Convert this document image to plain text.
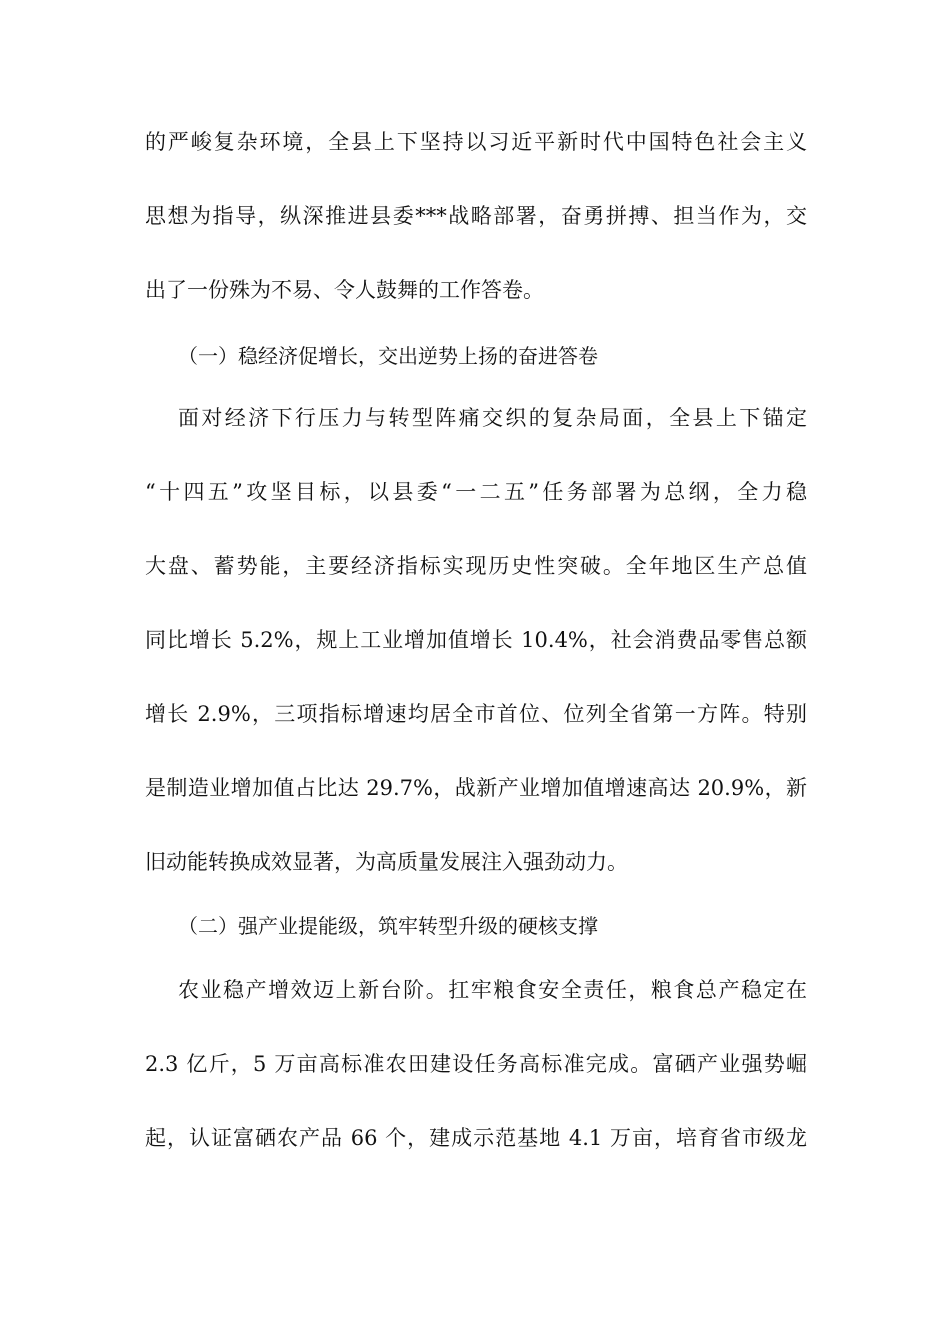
的严峻复杂环境，全县上下坚持以习近平新时代中国特色社会主义
思想为指导，纵深推进县委***战略部署，奋勇拼搏、担当作为，交
出了一份殊为不易、令人鼓舞的工作答卷。
（一）稳经济促增长，交出逆势上扬的奋进答卷
面对经济下行压力与转型阵痛交织的复杂局面，全县上下锚定
“十四五”攻坚目标，以县委“一二五”任务部署为总纲，全力稳
大盘、蓄势能，主要经济指标实现历史性突破。全年地区生产总值
同比增长 5.2%，规上工业增加值增长 10.4%，社会消费品零售总额
增长 2.9%，三项指标增速均居全市首位、位列全省第一方阵。特别
是制造业增加值占比达 29.7%，战新产业增加值增速高达 20.9%，新
旧动能转换成效显著，为高质量发展注入强劲动力。
（二）强产业提能级，筑牢转型升级的硬核支撑
农业稳产增效迈上新台阶。扛牢粮食安全责任，粮食总产稳定在
2.3 亿斤，5 万亩高标准农田建设任务高标准完成。富硒产业强势崛
起，认证富硒农产品 66 个，建成示范基地 4.1 万亩，培育省市级龙
